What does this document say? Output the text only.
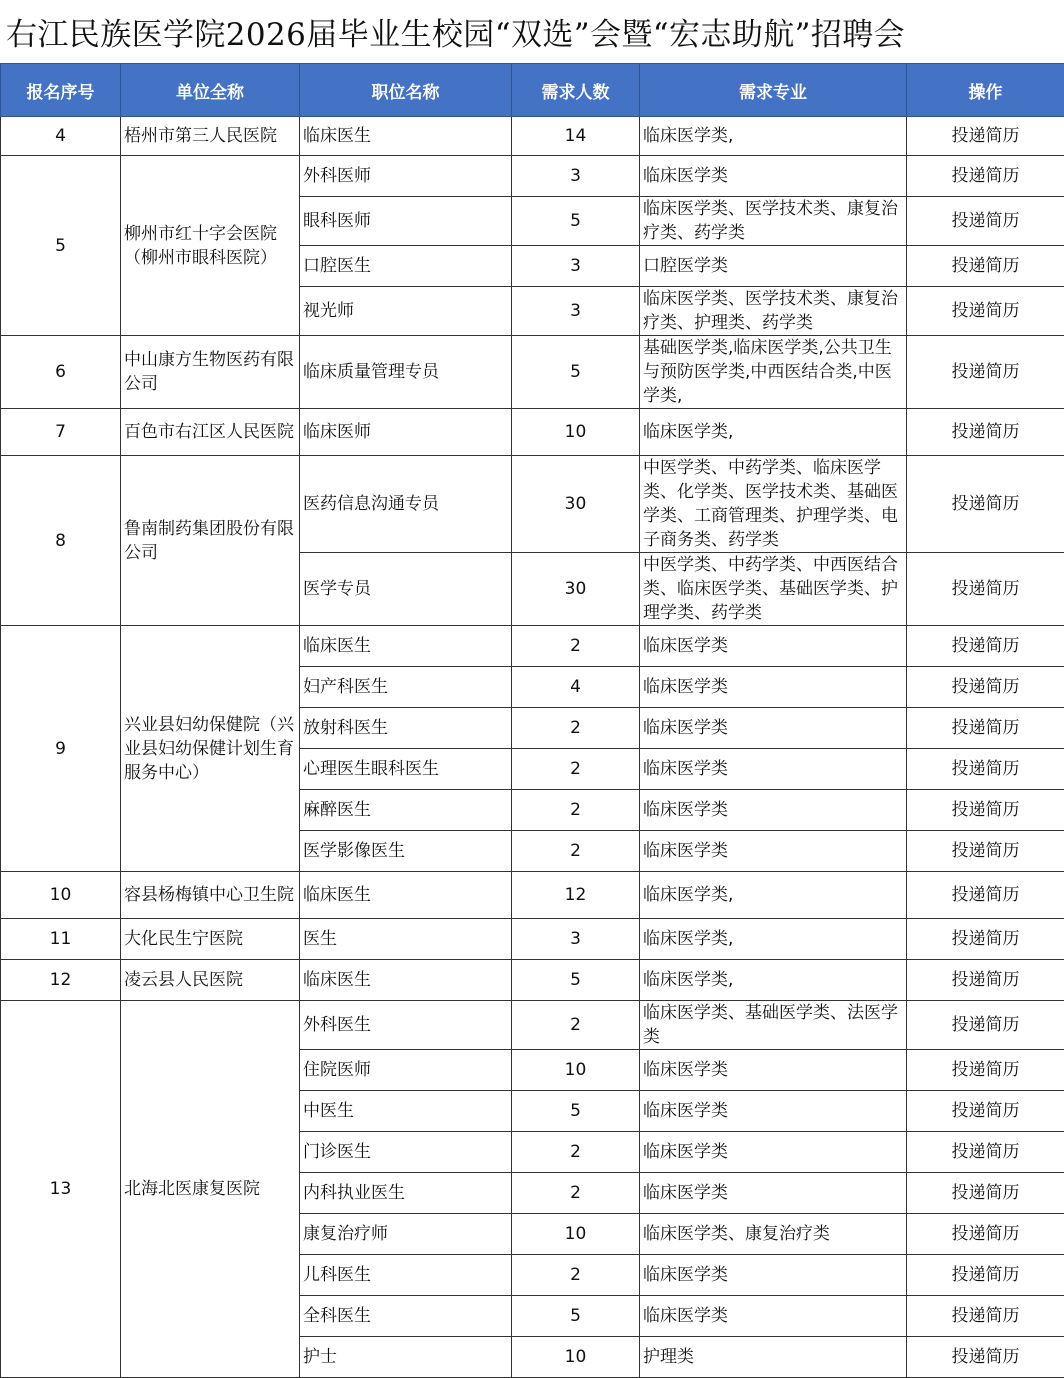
右江民族医学院2026届毕业生校园“双选”会暨“宏志助航”招聘会
报名序号	单位全称	职位名称	需求人数	需求专业	操作
4	梧州市第三人民医院	临床医生	14	临床医学类,	投递简历
5	柳州市红十字会医院（柳州市眼科医院）	外科医师	3	临床医学类	投递简历
		眼科医师	5	临床医学类、医学技术类、康复治疗类、药学类	投递简历
		口腔医生	3	口腔医学类	投递简历
		视光师	3	临床医学类、医学技术类、康复治疗类、护理类、药学类	投递简历
6	中山康方生物医药有限公司	临床质量管理专员	5	基础医学类,临床医学类,公共卫生与预防医学类,中西医结合类,中医学类,	投递简历
7	百色市右江区人民医院	临床医师	10	临床医学类,	投递简历
8	鲁南制药集团股份有限公司	医药信息沟通专员	30	中医学类、中药学类、临床医学类、化学类、医学技术类、基础医学类、工商管理类、护理学类、电子商务类、药学类	投递简历
		医学专员	30	中医学类、中药学类、中西医结合类、临床医学类、基础医学类、护理学类、药学类	投递简历
9	兴业县妇幼保健院（兴业县妇幼保健计划生育服务中心）	临床医生	2	临床医学类	投递简历
		妇产科医生	4	临床医学类	投递简历
		放射科医生	2	临床医学类	投递简历
		心理医生眼科医生	2	临床医学类	投递简历
		麻醉医生	2	临床医学类	投递简历
		医学影像医生	2	临床医学类	投递简历
10	容县杨梅镇中心卫生院	临床医生	12	临床医学类,	投递简历
11	大化民生宁医院	医生	3	临床医学类,	投递简历
12	凌云县人民医院	临床医生	5	临床医学类,	投递简历
13	北海北医康复医院	外科医生	2	临床医学类、基础医学类、法医学类	投递简历
		住院医师	10	临床医学类	投递简历
		中医生	5	临床医学类	投递简历
		门诊医生	2	临床医学类	投递简历
		内科执业医生	2	临床医学类	投递简历
		康复治疗师	10	临床医学类、康复治疗类	投递简历
		儿科医生	2	临床医学类	投递简历
		全科医生	5	临床医学类	投递简历
		护士	10	护理类	投递简历
